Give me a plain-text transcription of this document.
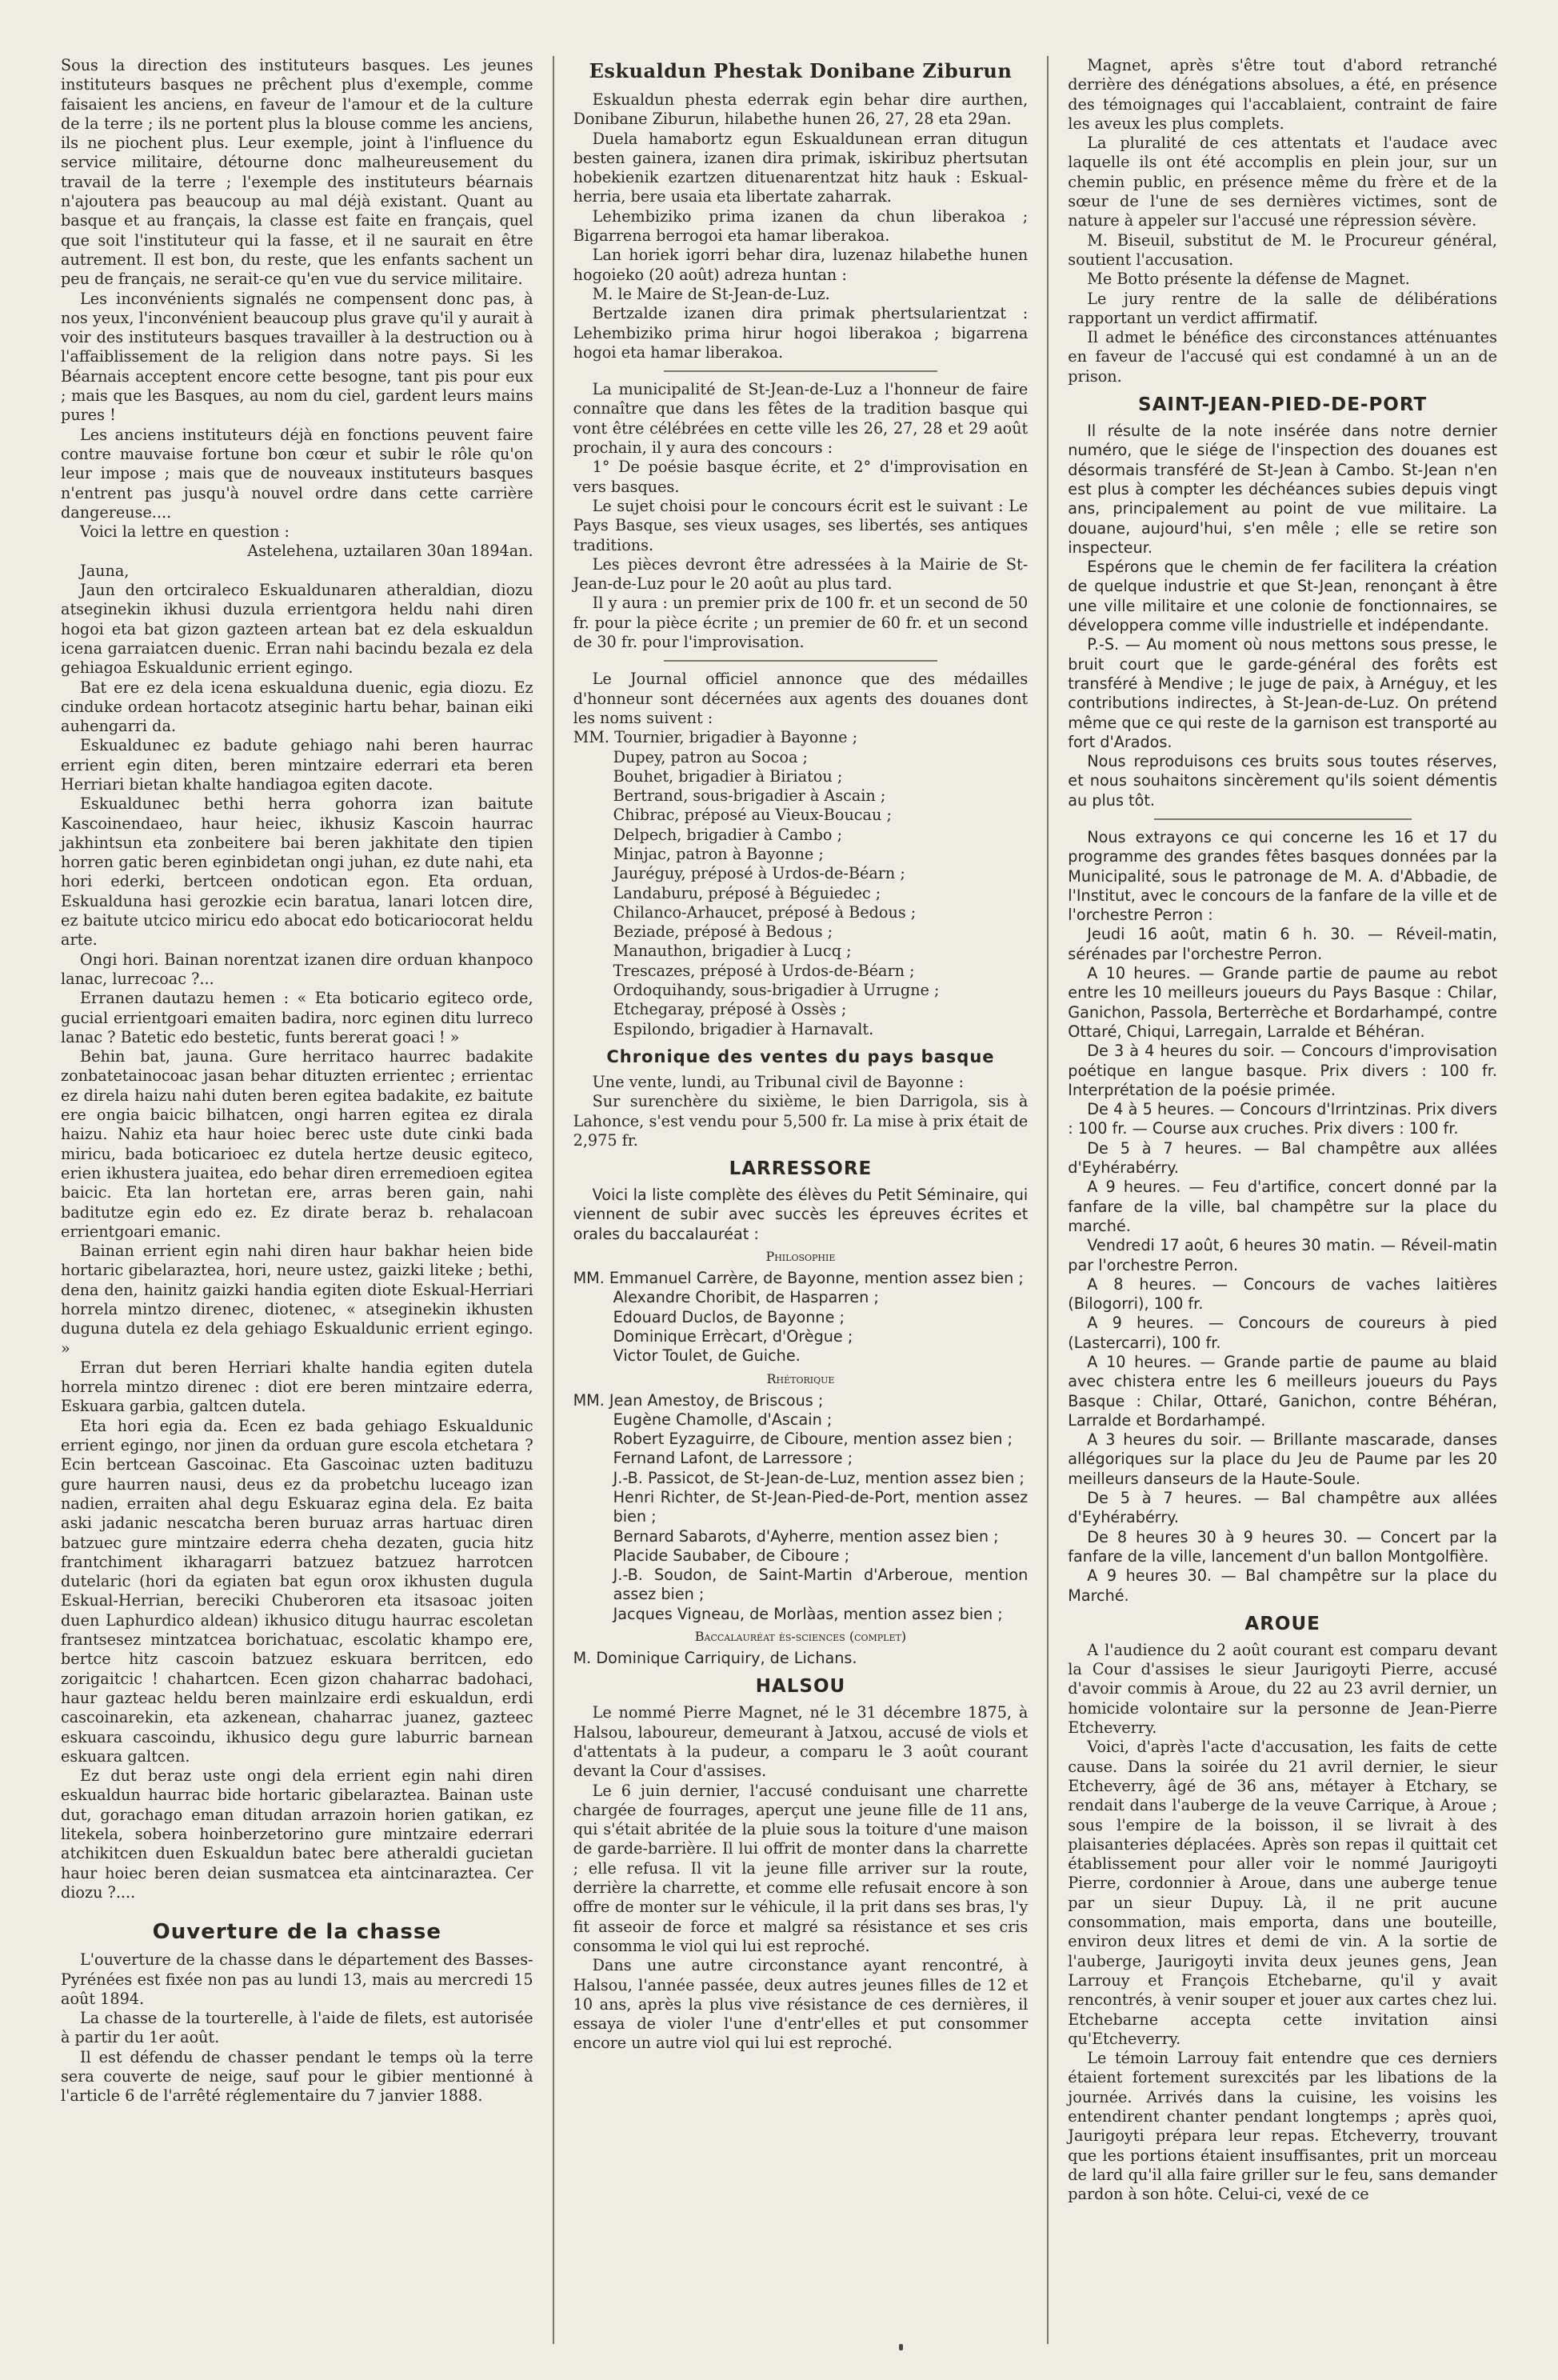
Sous la direction des instituteurs basques. Les jeunes instituteurs basques ne prêchent plus d'exemple, comme faisaient les anciens, en faveur de l'amour et de la culture de la terre ; ils ne portent plus la blouse comme les anciens, ils ne piochent plus. Leur exemple, joint à l'influence du service militaire, détourne donc malheureusement du travail de la terre ; l'exemple des instituteurs béarnais n'ajoutera pas beaucoup au mal déjà existant. Quant au basque et au français, la classe est faite en français, quel que soit l'instituteur qui la fasse, et il ne saurait en être autrement. Il est bon, du reste, que les enfants sachent un peu de français, ne serait-ce qu'en vue du service militaire.

Les inconvénients signalés ne compensent donc pas, à nos yeux, l'inconvénient beaucoup plus grave qu'il y aurait à voir des instituteurs basques travailler à la destruction ou à l'affaiblissement de la religion dans notre pays. Si les Béarnais acceptent encore cette besogne, tant pis pour eux ; mais que les Basques, au nom du ciel, gardent leurs mains pures !

Les anciens instituteurs déjà en fonctions peuvent faire contre mauvaise fortune bon cœur et subir le rôle qu'on leur impose ; mais que de nouveaux instituteurs basques n'entrent pas jusqu'à nouvel ordre dans cette carrière dangereuse....

Voici la lettre en question :

Astelehena, uztailaren 30an 1894an.

Jauna,

Jaun den ortciraleco Eskualdunaren atheraldian, diozu atseginekin ikhusi duzula errientgora heldu nahi diren hogoi eta bat gizon gazteen artean bat ez dela eskualdun icena garraiatcen duenic. Erran nahi bacindu bezala ez dela gehiagoa Eskualdunic errient egingo.

Bat ere ez dela icena eskualduna duenic, egia diozu. Ez cinduke ordean hortacotz atseginic hartu behar, bainan eiki auhengarri da.

Eskualdunec ez badute gehiago nahi beren haurrac errient egin diten, beren mintzaire ederrari eta beren Herriari bietan khalte handiagoa egiten dacote.

Eskualdunec bethi herra gohorra izan baitute Kascoinendaeo, haur heiec, ikhusiz Kascoin haurrac jakhintsun eta zonbeitere bai beren jakhitate den tipien horren gatic beren eginbidetan ongi juhan, ez dute nahi, eta hori ederki, bertceen ondotican egon. Eta orduan, Eskualduna hasi gerozkie ecin baratua, lanari lotcen dire, ez baitute utcico miricu edo abocat edo boticariocorat heldu arte.

Ongi hori. Bainan norentzat izanen dire orduan khanpoco lanac, lurrecoac ?...

Erranen dautazu hemen : « Eta boticario egiteco orde, gucial errientgoari emaiten badira, norc eginen ditu lurreco lanac ? Batetic edo bestetic, funts bererat goaci ! »

Behin bat, jauna. Gure herritaco haurrec badakite zonbatetainocoac jasan behar dituzten errientec ; errientac ez direla haizu nahi duten beren egitea badakite, ez baitute ere ongia baicic bilhatcen, ongi harren egitea ez dirala haizu. Nahiz eta haur hoiec berec uste dute cinki bada miricu, bada boticarioec ez dutela hertze deusic egiteco, erien ikhustera juaitea, edo behar diren erremedioen egitea baicic. Eta lan hortetan ere, arras beren gain, nahi baditutze egin edo ez. Ez dirate beraz b. rehalacoan errientgoari emanic.

Bainan errient egin nahi diren haur bakhar heien bide hortaric gibelaraztea, hori, neure ustez, gaizki liteke ; bethi, dena den, hainitz gaizki handia egiten diote Eskual-Herriari horrela mintzo direnec, diotenec, « atseginekin ikhusten duguna dutela ez dela gehiago Eskualdunic errient egingo. »

Erran dut beren Herriari khalte handia egiten dutela horrela mintzo direnec : diot ere beren mintzaire ederra, Eskuara garbia, galtcen dutela.

Eta hori egia da. Ecen ez bada gehiago Eskualdunic errient egingo, nor jinen da orduan gure escola etchetara ? Ecin bertcean Gascoinac. Eta Gascoinac uzten badituzu gure haurren nausi, deus ez da probetchu luceago izan nadien, erraiten ahal degu Eskuaraz egina dela. Ez baita aski jadanic nescatcha beren buruaz arras hartuac diren batzuec gure mintzaire ederra cheha dezaten, gucia hitz frantchiment ikharagarri batzuez batzuez harrotcen dutelaric (hori da egiaten bat egun orox ikhusten dugula Eskual-Herrian, bereciki Chuberoren eta itsasoac joiten duen Laphurdico aldean) ikhusico ditugu haurrac escoletan frantsesez mintzatcea borichatuac, escolatic khampo ere, bertce hitz cascoin batzuez eskuara berritcen, edo zorigaitcic ! chahartcen. Ecen gizon chaharrac badohaci, haur gazteac heldu beren mainlzaire erdi eskualdun, erdi cascoinarekin, eta azkenean, chaharrac juanez, gazteec eskuara cascoindu, ikhusico degu gure laburric barnean eskuara galtcen.

Ez dut beraz uste ongi dela errient egin nahi diren eskualdun haurrac bide hortaric gibelaraztea. Bainan uste dut, gorachago eman ditudan arrazoin horien gatikan, ez litekela, sobera hoinberzetorino gure mintzaire ederrari atchikitcen duen Eskualdun batec bere atheraldi gucietan haur hoiec beren deian susmatcea eta aintcinaraztea. Cer diozu ?....

Ouverture de la chasse

L'ouverture de la chasse dans le département des Basses-Pyrénées est fixée non pas au lundi 13, mais au mercredi 15 août 1894.

La chasse de la tourterelle, à l'aide de filets, est autorisée à partir du 1er août.

Il est défendu de chasser pendant le temps où la terre sera couverte de neige, sauf pour le gibier mentionné à l'article 6 de l'arrêté réglementaire du 7 janvier 1888.

Eskualdun Phestak Donibane Ziburun

Eskualdun phesta ederrak egin behar dire aurthen, Donibane Ziburun, hilabethe hunen 26, 27, 28 eta 29an.

Duela hamabortz egun Eskualdunean erran ditugun besten gainera, izanen dira primak, iskiribuz phertsutan hobekienik ezartzen dituenarentzat hitz hauk : Eskual-herria, bere usaia eta libertate zaharrak.

Lehembiziko prima izanen da chun liberakoa ; Bigarrena berrogoi eta hamar liberakoa.

Lan horiek igorri behar dira, luzenaz hilabethe hunen hogoieko (20 août) adreza huntan :

M. le Maire de St-Jean-de-Luz.

Bertzalde izanen dira primak phertsularientzat : Lehembiziko prima hirur hogoi liberakoa ; bigarrena hogoi eta hamar liberakoa.

La municipalité de St-Jean-de-Luz a l'honneur de faire connaître que dans les fêtes de la tradition basque qui vont être célébrées en cette ville les 26, 27, 28 et 29 août prochain, il y aura des concours :

1° De poésie basque écrite, et 2° d'improvisation en vers basques.

Le sujet choisi pour le concours écrit est le suivant : Le Pays Basque, ses vieux usages, ses libertés, ses antiques traditions.

Les pièces devront être adressées à la Mairie de St-Jean-de-Luz pour le 20 août au plus tard.

Il y aura : un premier prix de 100 fr. et un second de 50 fr. pour la pièce écrite ; un premier de 60 fr. et un second de 30 fr. pour l'improvisation.

Le Journal officiel annonce que des médailles d'honneur sont décernées aux agents des douanes dont les noms suivent :

MM. Tournier, brigadier à Bayonne ;

Dupey, patron au Socoa ;

Bouhet, brigadier à Biriatou ;

Bertrand, sous-brigadier à Ascain ;

Chibrac, préposé au Vieux-Boucau ;

Delpech, brigadier à Cambo ;

Minjac, patron à Bayonne ;

Jauréguy, préposé à Urdos-de-Béarn ;

Landaburu, préposé à Béguiedec ;

Chilanco-Arhaucet, préposé à Bedous ;

Beziade, préposé à Bedous ;

Manauthon, brigadier à Lucq ;

Trescazes, préposé à Urdos-de-Béarn ;

Ordoquihandy, sous-brigadier à Urrugne ;

Etchegaray, préposé à Ossès ;

Espilondo, brigadier à Harnavalt.

Chronique des ventes du pays basque

Une vente, lundi, au Tribunal civil de Bayonne :

Sur surenchère du sixième, le bien Darrigola, sis à Lahonce, s'est vendu pour 5,500 fr. La mise à prix était de 2,975 fr.

LARRESSORE

Voici la liste complète des élèves du Petit Séminaire, qui viennent de subir avec succès les épreuves écrites et orales du baccalauréat :

Philosophie

MM. Emmanuel Carrère, de Bayonne, mention assez bien ;

Alexandre Choribit, de Hasparren ;

Edouard Duclos, de Bayonne ;

Dominique Errècart, d'Orègue ;

Victor Toulet, de Guiche.

Rhétorique

MM. Jean Amestoy, de Briscous ;

Eugène Chamolle, d'Ascain ;

Robert Eyzaguirre, de Ciboure, mention assez bien ;

Fernand Lafont, de Larressore ;

J.-B. Passicot, de St-Jean-de-Luz, mention assez bien ;

Henri Richter, de St-Jean-Pied-de-Port, mention assez bien ;

Bernard Sabarots, d'Ayherre, mention assez bien ;

Placide Saubaber, de Ciboure ;

J.-B. Soudon, de Saint-Martin d'Arberoue, mention assez bien ;

Jacques Vigneau, de Morlàas, mention assez bien ;

Baccalauréat ès-sciences (complet)

M. Dominique Carriquiry, de Lichans.

HALSOU

Le nommé Pierre Magnet, né le 31 décembre 1875, à Halsou, laboureur, demeurant à Jatxou, accusé de viols et d'attentats à la pudeur, a comparu le 3 août courant devant la Cour d'assises.

Le 6 juin dernier, l'accusé conduisant une charrette chargée de fourrages, aperçut une jeune fille de 11 ans, qui s'était abritée de la pluie sous la toiture d'une maison de garde-barrière. Il lui offrit de monter dans la charrette ; elle refusa. Il vit la jeune fille arriver sur la route, derrière la charrette, et comme elle refusait encore à son offre de monter sur le véhicule, il la prit dans ses bras, l'y fit asseoir de force et malgré sa résistance et ses cris consomma le viol qui lui est reproché.

Dans une autre circonstance ayant rencontré, à Halsou, l'année passée, deux autres jeunes filles de 12 et 10 ans, après la plus vive résistance de ces dernières, il essaya de violer l'une d'entr'elles et put consommer encore un autre viol qui lui est reproché.

Magnet, après s'être tout d'abord retranché derrière des dénégations absolues, a été, en présence des témoignages qui l'accablaient, contraint de faire les aveux les plus complets.

La pluralité de ces attentats et l'audace avec laquelle ils ont été accomplis en plein jour, sur un chemin public, en présence même du frère et de la sœur de l'une de ses dernières victimes, sont de nature à appeler sur l'accusé une répression sévère.

M. Biseuil, substitut de M. le Procureur général, soutient l'accusation.

Me Botto présente la défense de Magnet.

Le jury rentre de la salle de délibérations rapportant un verdict affirmatif.

Il admet le bénéfice des circonstances atténuantes en faveur de l'accusé qui est condamné à un an de prison.

SAINT-JEAN-PIED-DE-PORT

Il résulte de la note insérée dans notre dernier numéro, que le siége de l'inspection des douanes est désormais transféré de St-Jean à Cambo. St-Jean n'en est plus à compter les déchéances subies depuis vingt ans, principalement au point de vue militaire. La douane, aujourd'hui, s'en mêle ; elle se retire son inspecteur.

Espérons que le chemin de fer facilitera la création de quelque industrie et que St-Jean, renonçant à être une ville militaire et une colonie de fonctionnaires, se développera comme ville industrielle et indépendante.

P.-S. — Au moment où nous mettons sous presse, le bruit court que le garde-général des forêts est transféré à Mendive ; le juge de paix, à Arnéguy, et les contributions indirectes, à St-Jean-de-Luz. On prétend même que ce qui reste de la garnison est transporté au fort d'Arados.

Nous reproduisons ces bruits sous toutes réserves, et nous souhaitons sincèrement qu'ils soient démentis au plus tôt.

Nous extrayons ce qui concerne les 16 et 17 du programme des grandes fêtes basques données par la Municipalité, sous le patronage de M. A. d'Abbadie, de l'Institut, avec le concours de la fanfare de la ville et de l'orchestre Perron :

Jeudi 16 août, matin 6 h. 30. — Réveil-matin, sérénades par l'orchestre Perron.

A 10 heures. — Grande partie de paume au rebot entre les 10 meilleurs joueurs du Pays Basque : Chilar, Ganichon, Passola, Berterrèche et Bordarhampé, contre Ottaré, Chiqui, Larregain, Larralde et Béhéran.

De 3 à 4 heures du soir. — Concours d'improvisation poétique en langue basque. Prix divers : 100 fr. Interprétation de la poésie primée.

De 4 à 5 heures. — Concours d'Irrintzinas. Prix divers : 100 fr. — Course aux cruches. Prix divers : 100 fr.

De 5 à 7 heures. — Bal champêtre aux allées d'Eyhérabérry.

A 9 heures. — Feu d'artifice, concert donné par la fanfare de la ville, bal champêtre sur la place du marché.

Vendredi 17 août, 6 heures 30 matin. — Réveil-matin par l'orchestre Perron.

A 8 heures. — Concours de vaches laitières (Bilogorri), 100 fr.

A 9 heures. — Concours de coureurs à pied (Lastercarri), 100 fr.

A 10 heures. — Grande partie de paume au blaid avec chistera entre les 6 meilleurs joueurs du Pays Basque : Chilar, Ottaré, Ganichon, contre Béhéran, Larralde et Bordarhampé.

A 3 heures du soir. — Brillante mascarade, danses allégoriques sur la place du Jeu de Paume par les 20 meilleurs danseurs de la Haute-Soule.

De 5 à 7 heures. — Bal champêtre aux allées d'Eyhérabérry.

De 8 heures 30 à 9 heures 30. — Concert par la fanfare de la ville, lancement d'un ballon Montgolfière.

A 9 heures 30. — Bal champêtre sur la place du Marché.

AROUE

A l'audience du 2 août courant est comparu devant la Cour d'assises le sieur Jaurigoyti Pierre, accusé d'avoir commis à Aroue, du 22 au 23 avril dernier, un homicide volontaire sur la personne de Jean-Pierre Etcheverry.

Voici, d'après l'acte d'accusation, les faits de cette cause. Dans la soirée du 21 avril dernier, le sieur Etcheverry, âgé de 36 ans, métayer à Etchary, se rendait dans l'auberge de la veuve Carrique, à Aroue ; sous l'empire de la boisson, il se livrait à des plaisanteries déplacées. Après son repas il quittait cet établissement pour aller voir le nommé Jaurigoyti Pierre, cordonnier à Aroue, dans une auberge tenue par un sieur Dupuy. Là, il ne prit aucune consommation, mais emporta, dans une bouteille, environ deux litres et demi de vin. A la sortie de l'auberge, Jaurigoyti invita deux jeunes gens, Jean Larrouy et François Etchebarne, qu'il y avait rencontrés, à venir souper et jouer aux cartes chez lui. Etchebarne accepta cette invitation ainsi qu'Etcheverry.

Le témoin Larrouy fait entendre que ces derniers étaient fortement surexcités par les libations de la journée. Arrivés dans la cuisine, les voisins les entendirent chanter pendant longtemps ; après quoi, Jaurigoyti prépara leur repas. Etcheverry, trouvant que les portions étaient insuffisantes, prit un morceau de lard qu'il alla faire griller sur le feu, sans demander pardon à son hôte. Celui-ci, vexé de ce
